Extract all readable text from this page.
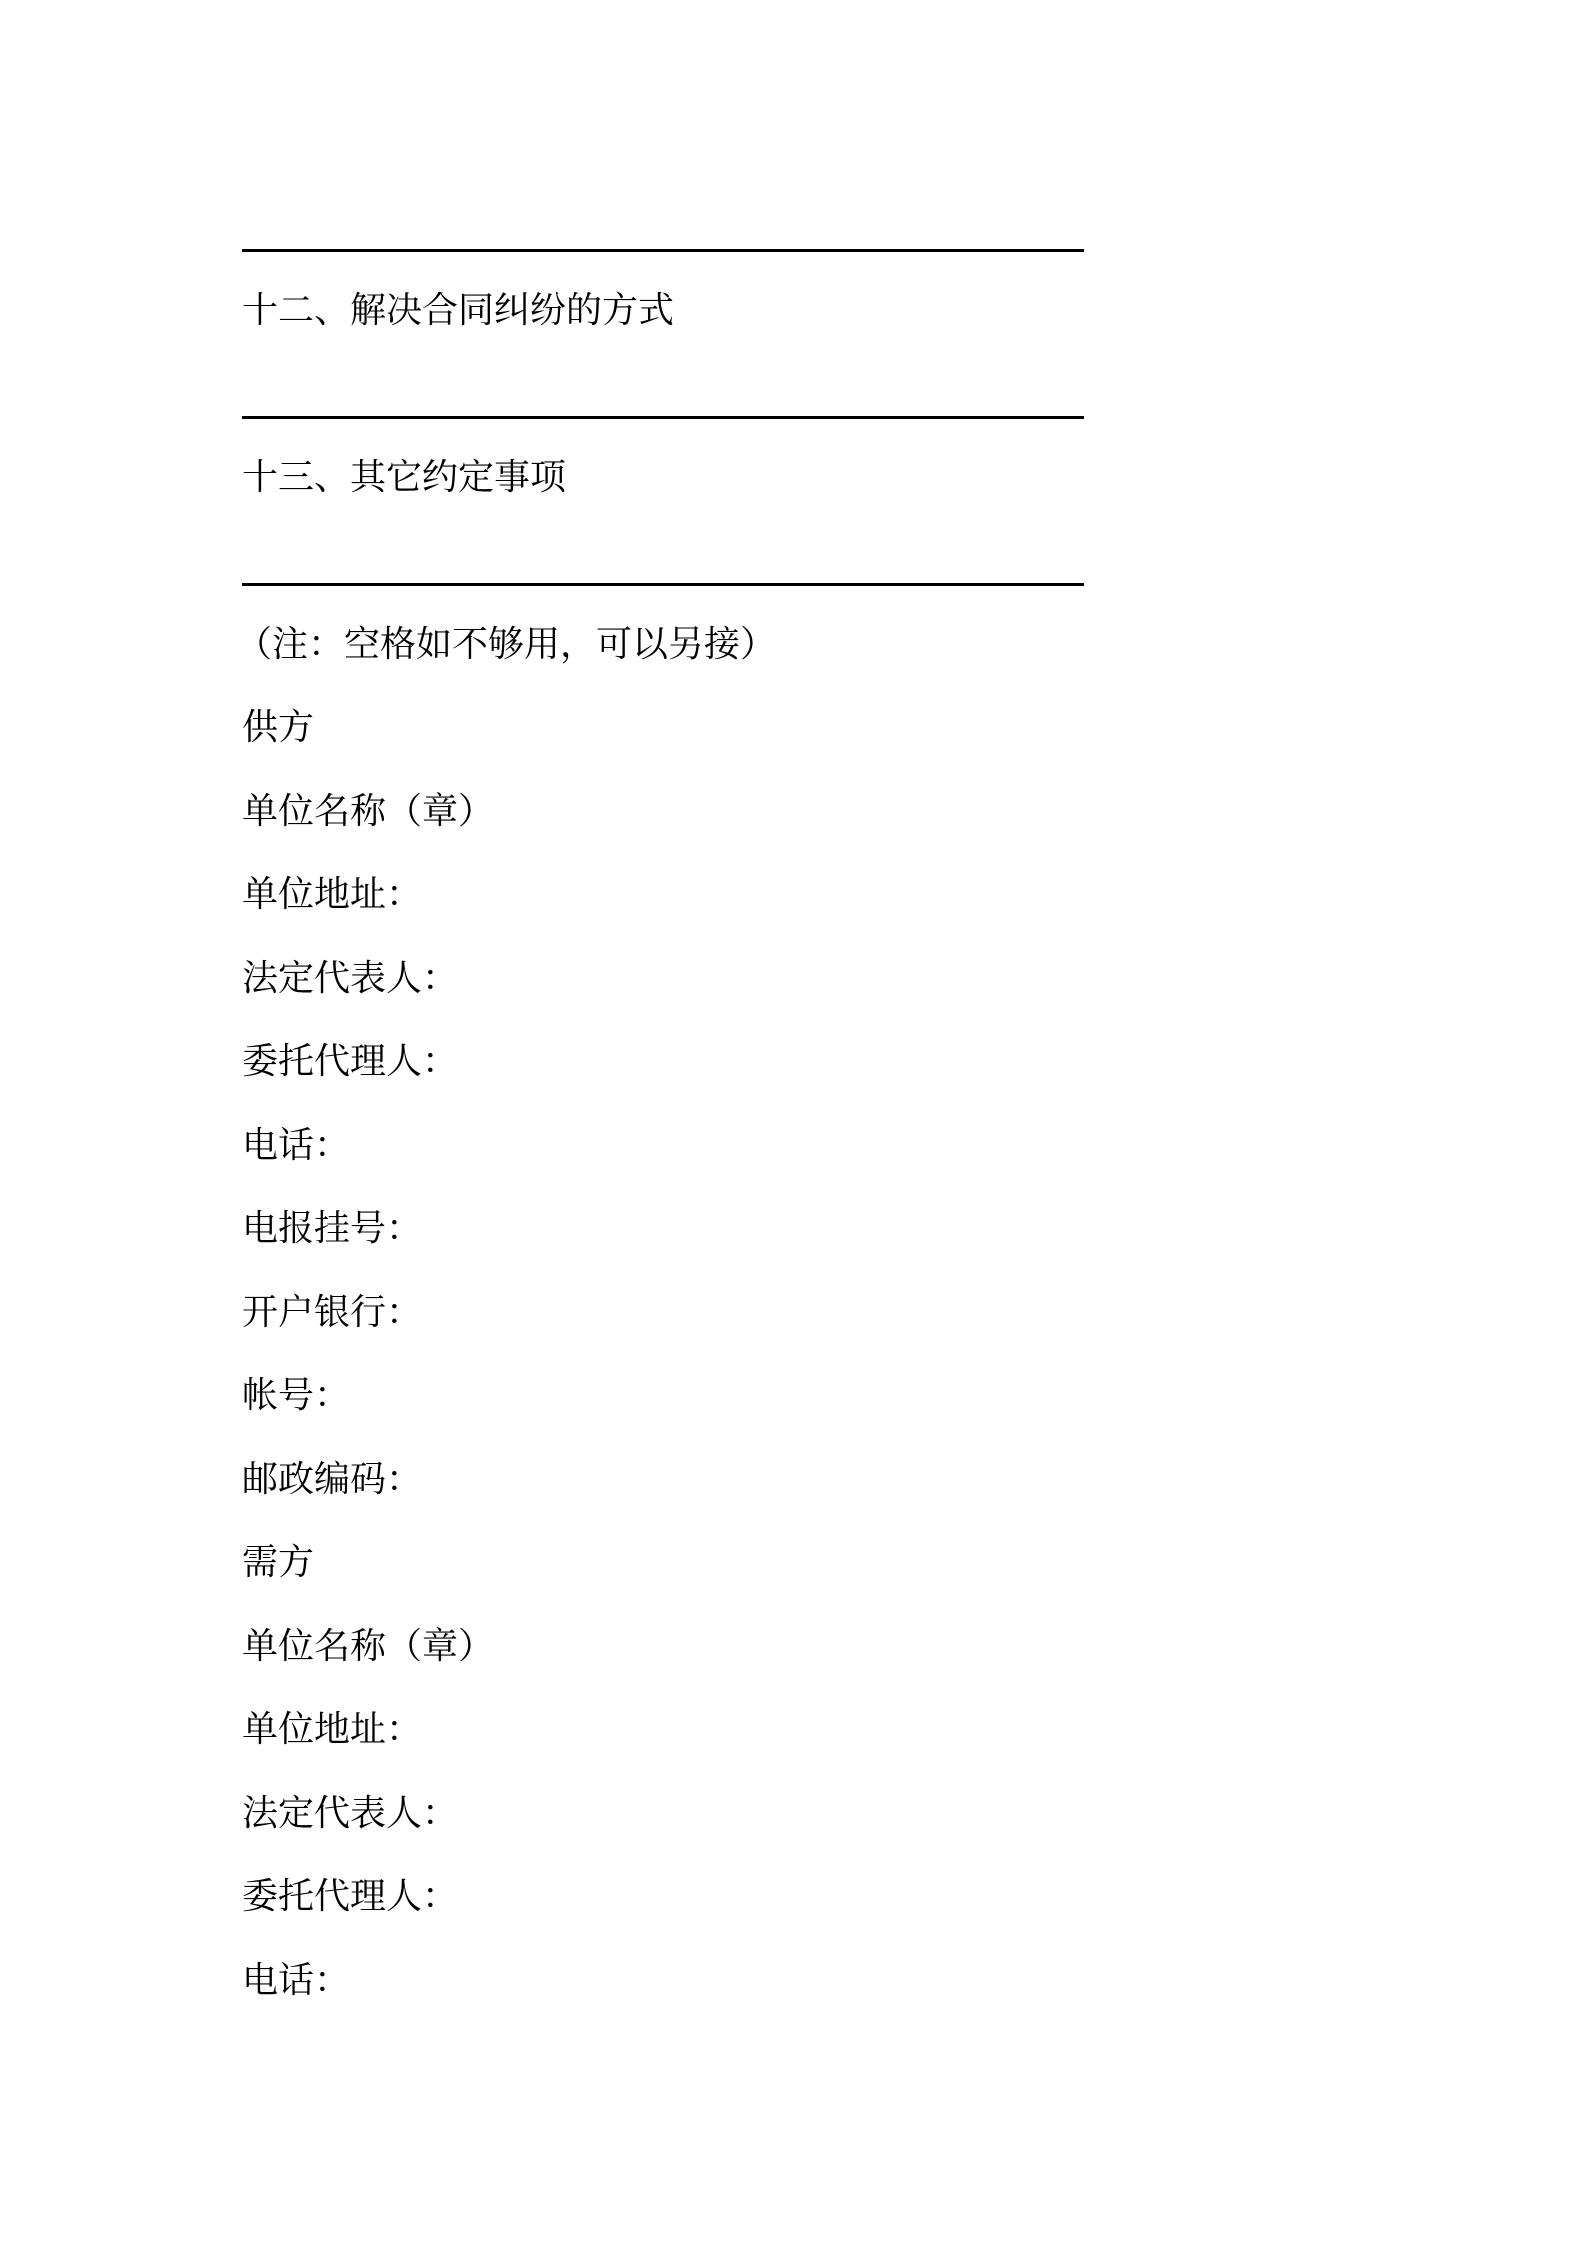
十二、解决合同纠纷的方式
十三、其它约定事项
（注：空格如不够用，可以另接）
供方
单位名称（章）
单位地址：
法定代表人：
委托代理人：
电话：
电报挂号：
开户银行：
帐号：
邮政编码：
需方
单位名称（章）
单位地址：
法定代表人：
委托代理人：
电话：
